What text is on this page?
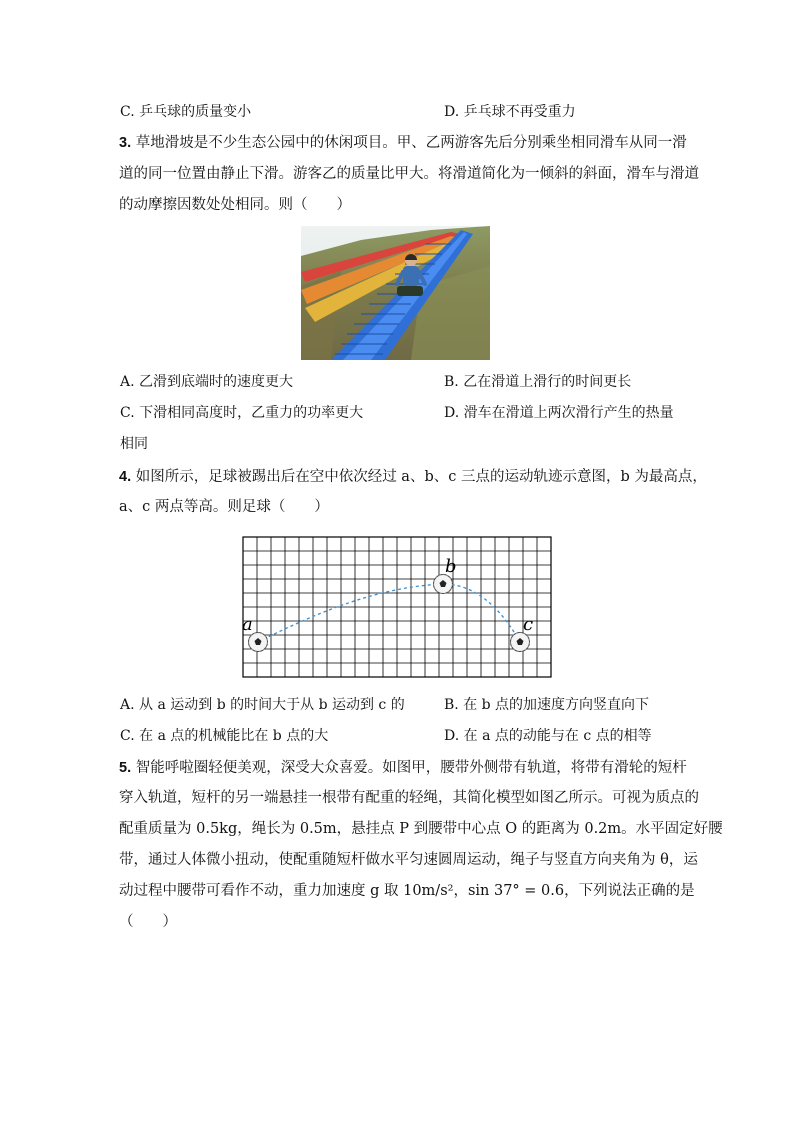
C. 乒乓球的质量变小	D. 乒乓球不再受重力
3. 草地滑坡是不少生态公园中的休闲项目。甲、乙两游客先后分别乘坐相同滑车从同一滑
道的同一位置由静止下滑。游客乙的质量比甲大。将滑道简化为一倾斜的斜面，滑车与滑道
的动摩擦因数处处相同。则（　　）
A. 乙滑到底端时的速度更大	B. 乙在滑道上滑行的时间更长
C. 下滑相同高度时，乙重力的功率更大	D. 滑车在滑道上两次滑行产生的热量
相同
4. 如图所示，足球被踢出后在空中依次经过 a、b、c 三点的运动轨迹示意图，b 为最高点，
a、c 两点等高。则足球（　　）
a
b
c
A. 从 a 运动到 b 的时间大于从 b 运动到 c 的	B. 在 b 点的加速度方向竖直向下
C. 在 a 点的机械能比在 b 点的大	D. 在 a 点的动能与在 c 点的相等
5. 智能呼啦圈轻便美观，深受大众喜爱。如图甲，腰带外侧带有轨道，将带有滑轮的短杆
穿入轨道，短杆的另一端悬挂一根带有配重的轻绳，其简化模型如图乙所示。可视为质点的
配重质量为 0.5kg，绳长为 0.5m，悬挂点 P 到腰带中心点 O 的距离为 0.2m。水平固定好腰
带，通过人体微小扭动，使配重随短杆做水平匀速圆周运动，绳子与竖直方向夹角为 θ，运
动过程中腰带可看作不动，重力加速度 g 取 10m/s²，sin 37° = 0.6，下列说法正确的是
（　　）
